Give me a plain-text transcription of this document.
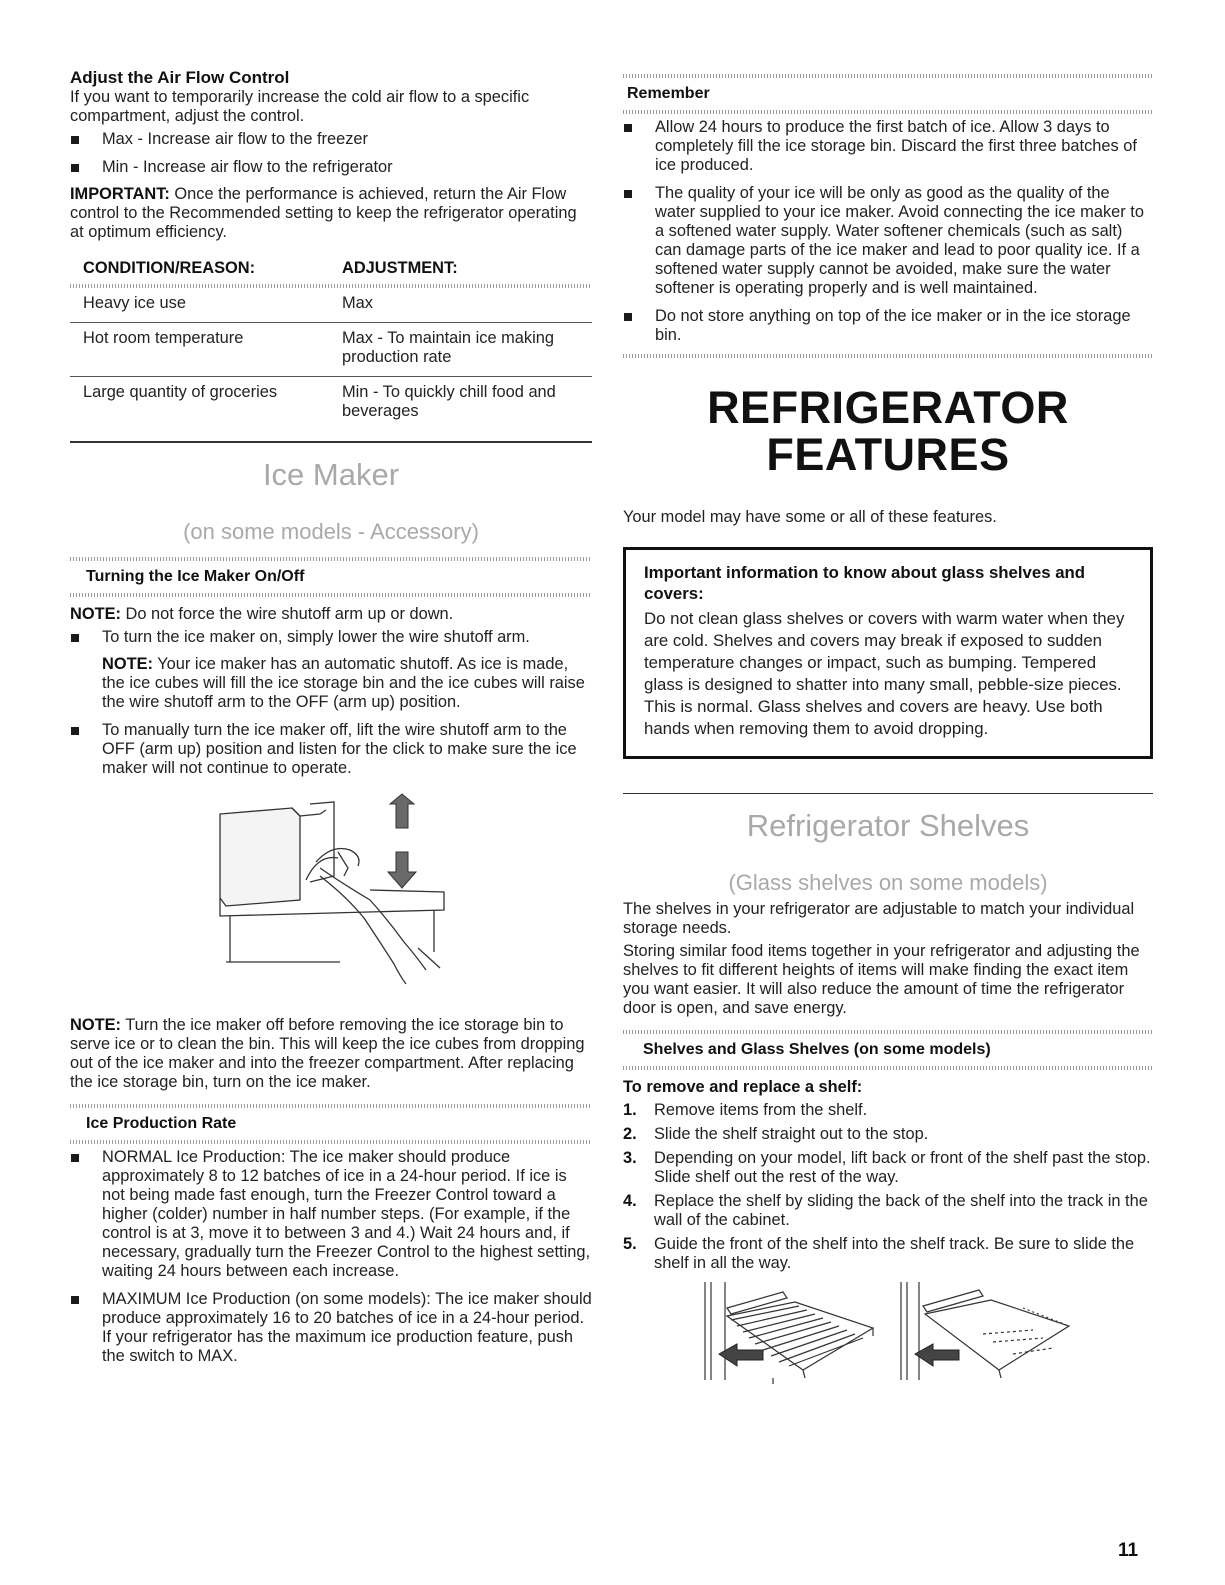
Adjust the Air Flow Control

If you want to temporarily increase the cold air flow to a specific compartment, adjust the control.

Max - Increase air flow to the freezer
Min - Increase air flow to the refrigerator

IMPORTANT: Once the performance is achieved, return the Air Flow control to the Recommended setting to keep the refrigerator operating at optimum efficiency.

CONDITION/REASON:	ADJUSTMENT:

Heavy ice use	Max
Hot room temperature	Max - To maintain ice making production rate
Large quantity of groceries	Min - To quickly chill food and beverages
Ice Maker

(on some models - Accessory)

Turning the Ice Maker On/Off

NOTE: Do not force the wire shutoff arm up or down.

To turn the ice maker on, simply lower the wire shutoff arm.
NOTE: Your ice maker has an automatic shutoff. As ice is made, the ice cubes will fill the ice storage bin and the ice cubes will raise the wire shutoff arm to the OFF (arm up) position.
To manually turn the ice maker off, lift the wire shutoff arm to the OFF (arm up) position and listen for the click to make sure the ice maker will not continue to operate.

NOTE: Turn the ice maker off before removing the ice storage bin to serve ice or to clean the bin. This will keep the ice cubes from dropping out of the ice maker and into the freezer compartment. After replacing the ice storage bin, turn on the ice maker.

Ice Production Rate
NORMAL Ice Production: The ice maker should produce approximately 8 to 12 batches of ice in a 24-hour period. If ice is not being made fast enough, turn the Freezer Control toward a higher (colder) number in half number steps. (For example, if the control is at 3, move it to between 3 and 4.) Wait 24 hours and, if necessary, gradually turn the Freezer Control to the highest setting, waiting 24 hours between each increase.
MAXIMUM Ice Production (on some models): The ice maker should produce approximately 16 to 20 batches of ice in a 24-hour period. If your refrigerator has the maximum ice production feature, push the switch to MAX.
Remember
Allow 24 hours to produce the first batch of ice. Allow 3 days to completely fill the ice storage bin. Discard the first three batches of ice produced.
The quality of your ice will be only as good as the quality of the water supplied to your ice maker. Avoid connecting the ice maker to a softened water supply. Water softener chemicals (such as salt) can damage parts of the ice maker and lead to poor quality ice. If a softened water supply cannot be avoided, make sure the water softener is operating properly and is well maintained.
Do not store anything on top of the ice maker or in the ice storage bin.
REFRIGERATOR
FEATURES

Your model may have some or all of these features.

Important information to know about glass shelves and covers:

Do not clean glass shelves or covers with warm water when they are cold. Shelves and covers may break if exposed to sudden temperature changes or impact, such as bumping. Tempered glass is designed to shatter into many small, pebble-size pieces. This is normal. Glass shelves and covers are heavy. Use both hands when removing them to avoid dropping.

Refrigerator Shelves

(Glass shelves on some models)

The shelves in your refrigerator are adjustable to match your individual storage needs.

Storing similar food items together in your refrigerator and adjusting the shelves to fit different heights of items will make finding the exact item you want easier. It will also reduce the amount of time the refrigerator door is open, and save energy.

Shelves and Glass Shelves (on some models)

To remove and replace a shelf:

1. Remove items from the shelf.
2. Slide the shelf straight out to the stop.
3. Depending on your model, lift back or front of the shelf past the stop. Slide shelf out the rest of the way.
4. Replace the shelf by sliding the back of the shelf into the track in the wall of the cabinet.
5. Guide the front of the shelf into the shelf track. Be sure to slide the shelf in all the way.
11
